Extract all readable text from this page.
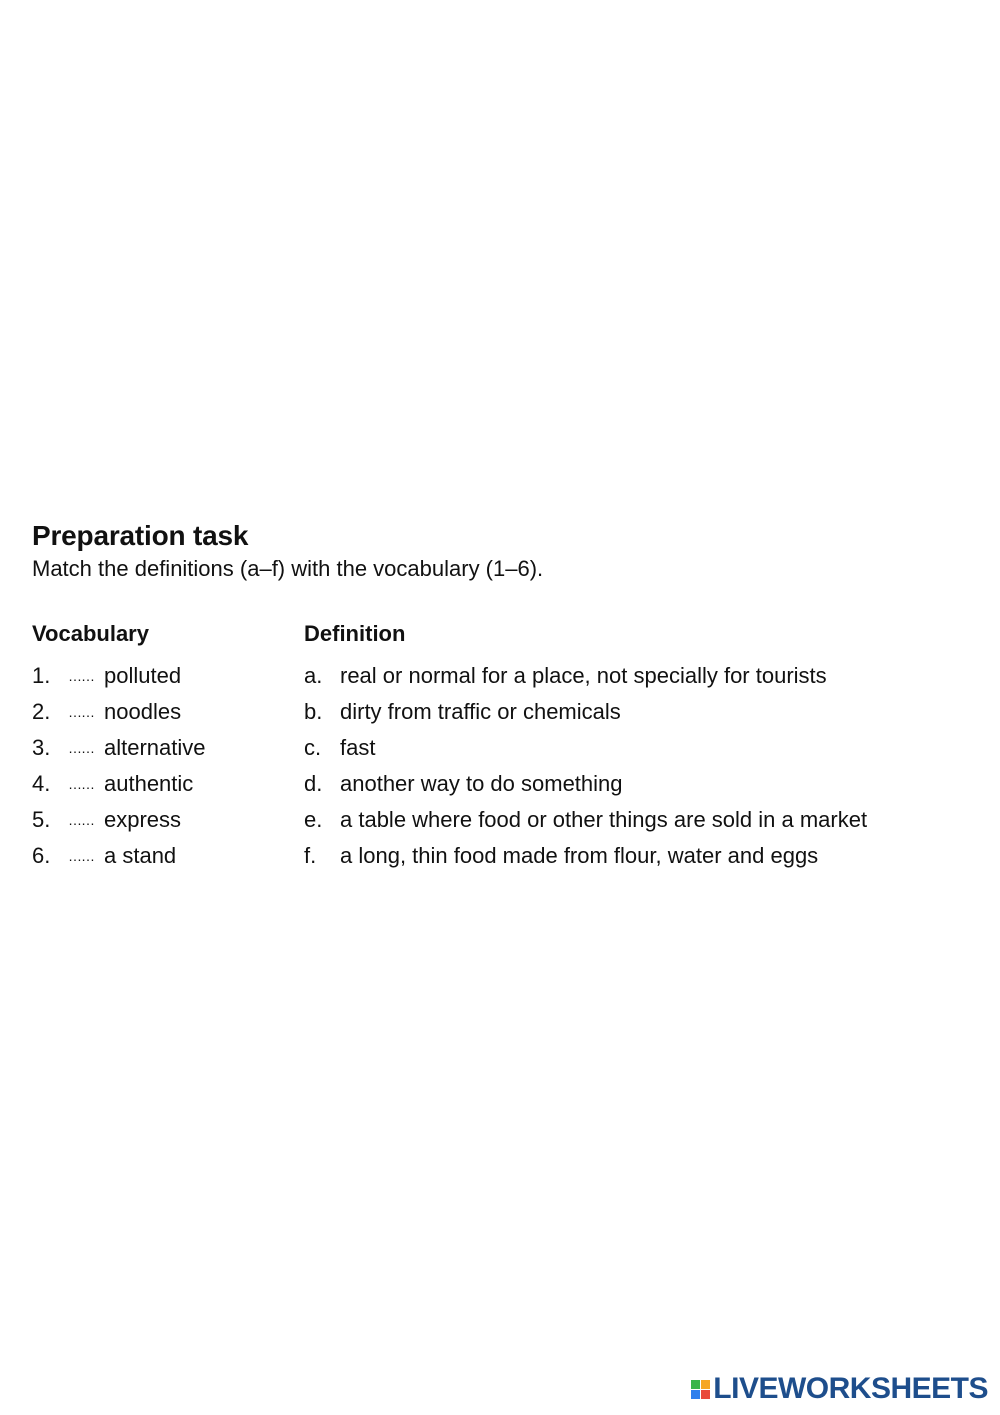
Preparation task

Match the definitions (a–f) with the vocabulary (1–6).

Vocabulary	Definition
1.	…… polluted	a. real or normal for a place, not specially for tourists
2.	…… noodles	b. dirty from traffic or chemicals
3.	…… alternative	c. fast
4.	…… authentic	d. another way to do something
5.	…… express	e. a table where food or other things are sold in a market
6.	…… a stand	f.	a long, thin food made from flour, water and eggs
LIVEWORKSHEETS
